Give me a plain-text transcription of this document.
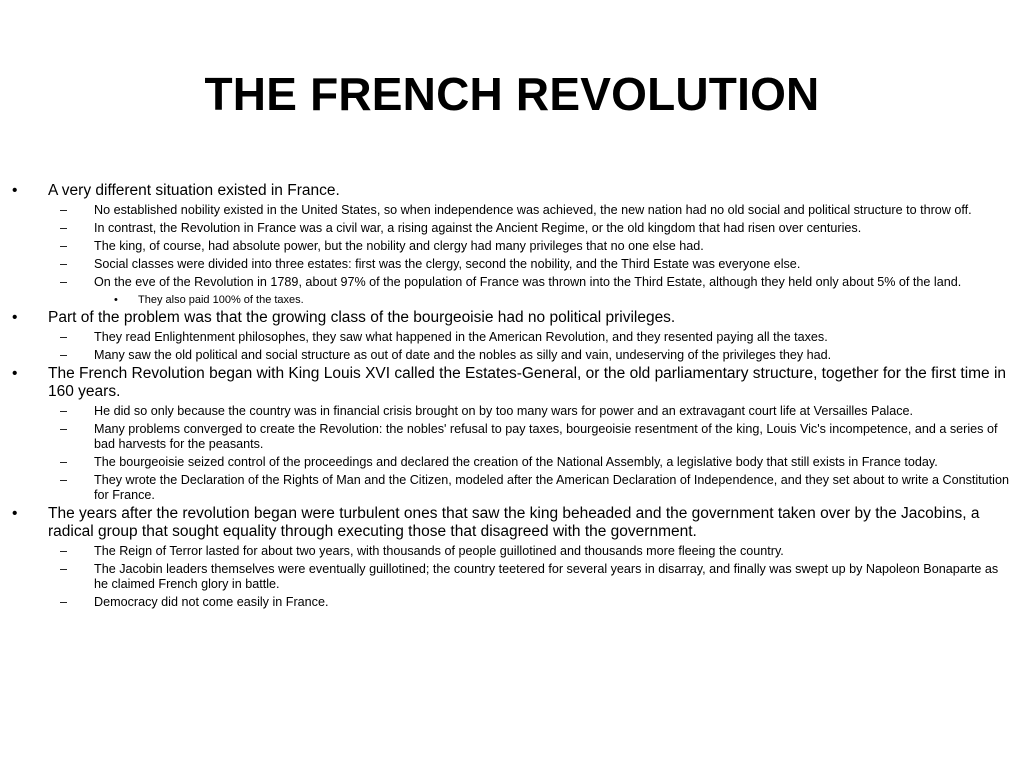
THE FRENCH REVOLUTION
• A very different situation existed in France.
– No established nobility existed in the United States, so when independence was achieved, the new nation had no old social and political structure to throw off.
– In contrast, the Revolution in France was a civil war, a rising against the Ancient Regime, or the old kingdom that had risen over centuries.
– The king, of course, had absolute power, but the nobility and clergy had many privileges that no one else had.
– Social classes were divided into three estates: first was the clergy, second the nobility, and the Third Estate was everyone else.
– On the eve of the Revolution in 1789, about 97% of the population of France was thrown into the Third Estate, although they held only about 5% of the land.
• They also paid 100% of the taxes.
• Part of the problem was that the growing class of the bourgeoisie had no political privileges.
– They read Enlightenment philosophes, they saw what happened in the American Revolution, and they resented paying all the taxes.
– Many saw the old political and social structure as out of date and the nobles as silly and vain, undeserving of the privileges they had.
• The French Revolution began with King Louis XVI called the Estates-General, or the old parliamentary structure, together for the first time in 160 years.
– He did so only because the country was in financial crisis brought on by too many wars for power and an extravagant court life at Versailles Palace.
– Many problems converged to create the Revolution: the nobles' refusal to pay taxes, bourgeoisie resentment of the king, Louis Vic's incompetence, and a series of bad harvests for the peasants.
– The bourgeoisie seized control of the proceedings and declared the creation of the National Assembly, a legislative body that still exists in France today.
– They wrote the Declaration of the Rights of Man and the Citizen, modeled after the American Declaration of Independence, and they set about to write a Constitution for France.
• The years after the revolution began were turbulent ones that saw the king beheaded and the government taken over by the Jacobins, a radical group that sought equality through executing those that disagreed with the government.
– The Reign of Terror lasted for about two years, with thousands of people guillotined and thousands more fleeing the country.
– The Jacobin leaders themselves were eventually guillotined; the country teetered for several years in disarray, and finally was swept up by Napoleon Bonaparte as he claimed French glory in battle.
– Democracy did not come easily in France.
